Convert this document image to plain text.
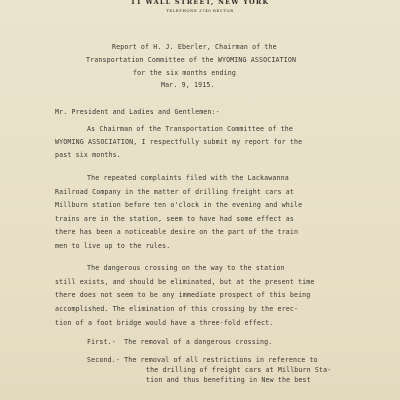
11 WALL STREET, NEW YORK
TELEPHONE 3740 RECTOR
Report of H. J. Eberler, Chairman of the
Transportation Committee of the WYOMING ASSOCIATION
for the six months ending
Mar. 9, 1915.
Mr. President and Ladies and Gentlemen:-
As Chairman of the Transportation Committee of the
WYOMING ASSOCIATION, I respectfully submit my report for the
past six months.
The repeated complaints filed with the Lackawanna
Railroad Company in the matter of drilling freight cars at
Millburn station before ten o'clock in the evening and while
trains are in the station, seem to have had some effect as
there has been a noticeable desire on the part of the train
men to live up to the rules.
The dangerous crossing on the way to the station
still exists, and should be eliminated, but at the present time
there does not seem to be any immediate prospect of this being
accomplished. The elimination of this crossing by the erec-
tion of a foot bridge would have a three-fold effect.
First.-  The removal of a dangerous crossing.
Second.- The removal of all restrictions in reference to
the drilling of freight cars at Millburn Sta-
tion and thus benefiting in New the best
